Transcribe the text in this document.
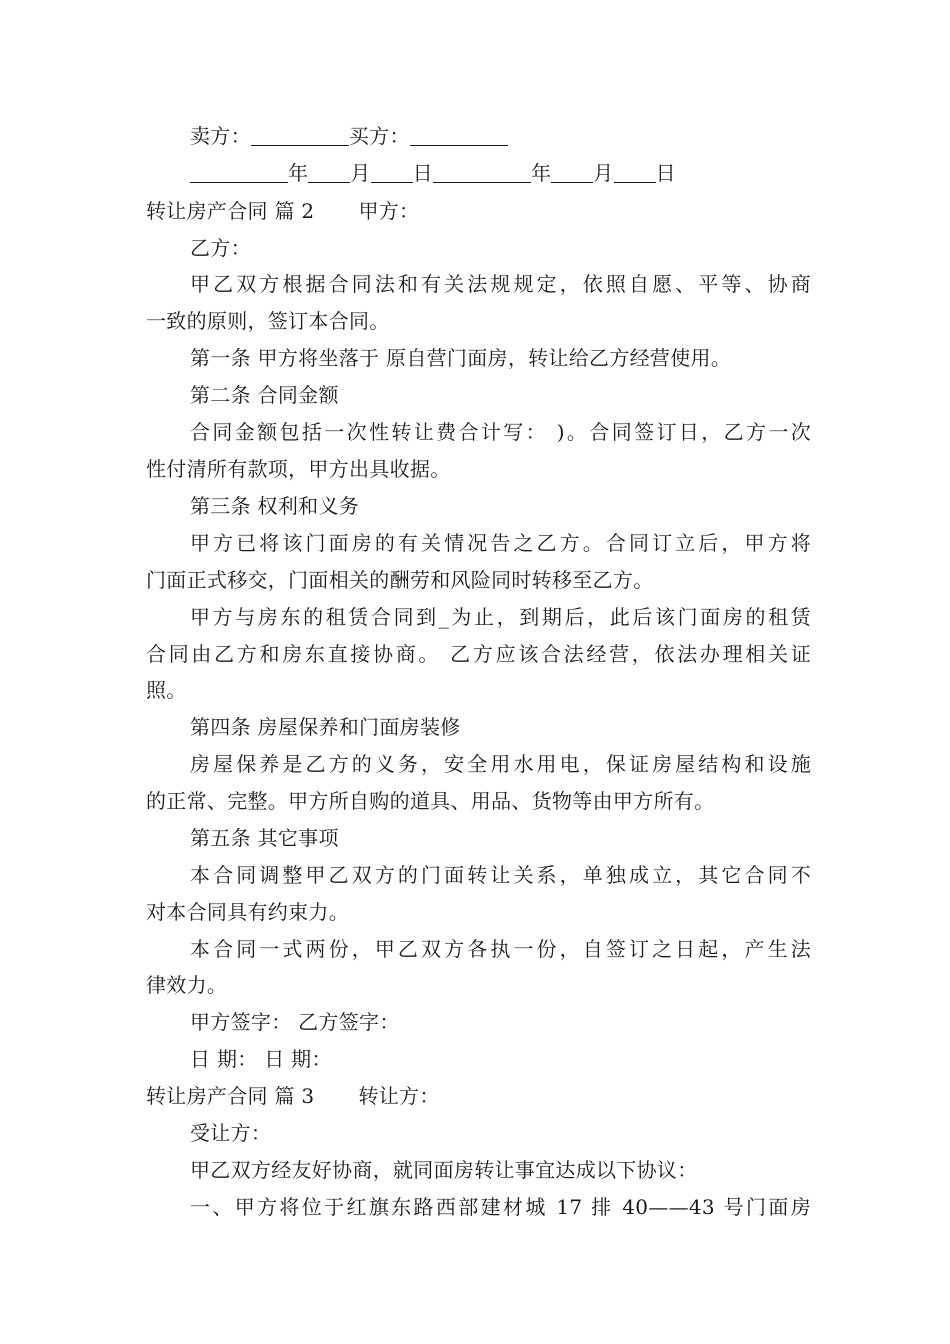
卖方：	买方：
年 月 日	年 月 日
转让房产合同 篇 2 甲方：
乙方：
甲乙双方根据合同法和有关法规规定，依照自愿、平等、协商
一致的原则，签订本合同。
第一条 甲方将坐落于 原自营门面房，转让给乙方经营使用。
第二条 合同金额
合同金额包括一次性转让费合计写： )。合同签订日，乙方一次
性付清所有款项，甲方出具收据。
第三条 权利和义务
甲方已将该门面房的有关情况告之乙方。合同订立后，甲方将
门面正式移交，门面相关的酬劳和风险同时转移至乙方。
甲方与房东的租赁合同到_为止，到期后，此后该门面房的租赁
合同由乙方和房东直接协商。 乙方应该合法经营，依法办理相关证
照。
第四条 房屋保养和门面房装修
房屋保养是乙方的义务，安全用水用电，保证房屋结构和设施
的正常、完整。甲方所自购的道具、用品、货物等由甲方所有。
第五条 其它事项
本合同调整甲乙双方的门面转让关系，单独成立，其它合同不
对本合同具有约束力。
本合同一式两份，甲乙双方各执一份，自签订之日起，产生法
律效力。
甲方签字： 乙方签字：
日 期： 日 期：
转让房产合同 篇 3 转让方：
受让方：
甲乙双方经友好协商，就同面房转让事宜达成以下协议：
一、甲方将位于红旗东路西部建材城 17 排 40——43 号门面房
